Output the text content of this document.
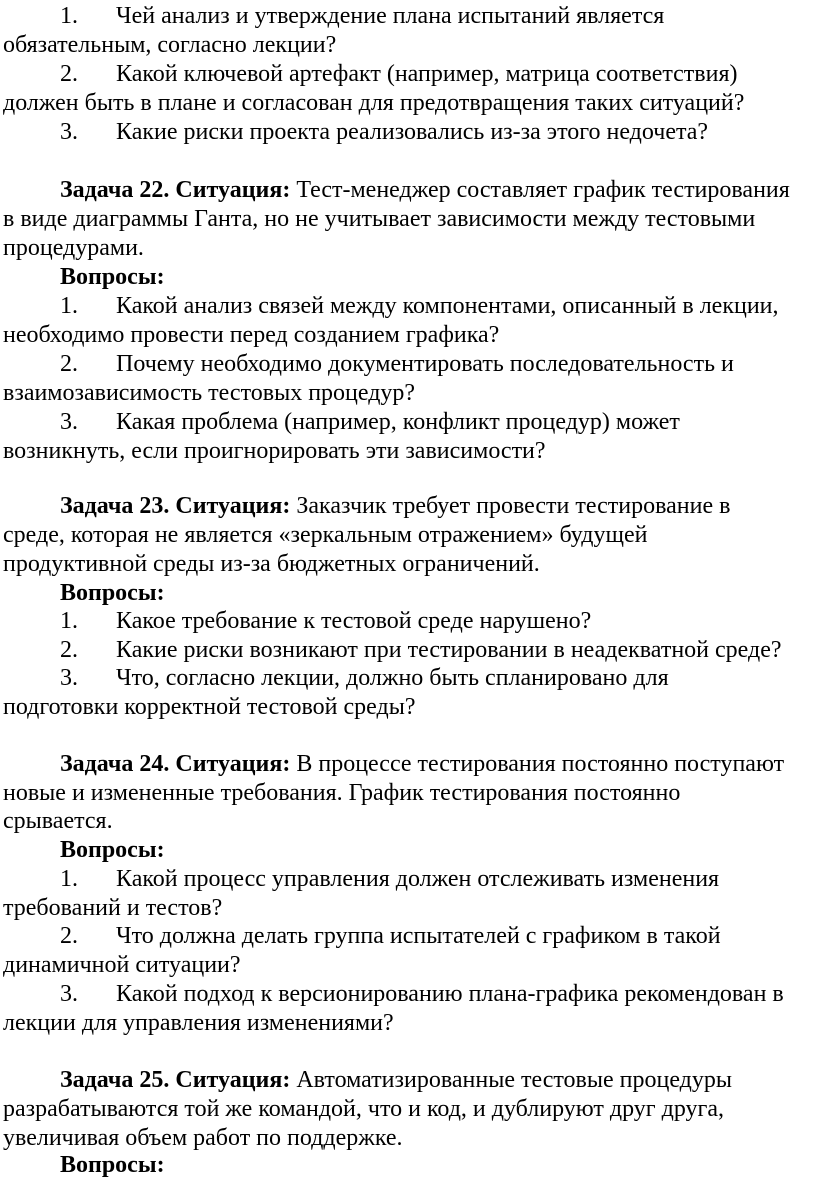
1. Чей анализ и утверждение плана испытаний является

обязательным, согласно лекции?

2. Какой ключевой артефакт (например, матрица соответствия)

должен быть в плане и согласован для предотвращения таких ситуаций?

3. Какие риски проекта реализовались из-за этого недочета?

Задача 22. Ситуация: Тест-менеджер составляет график тестирования

в виде диаграммы Ганта, но не учитывает зависимости между тестовыми

процедурами.

Вопросы:

1. Какой анализ связей между компонентами, описанный в лекции,

необходимо провести перед созданием графика?

2. Почему необходимо документировать последовательность и

взаимозависимость тестовых процедур?

3. Какая проблема (например, конфликт процедур) может

возникнуть, если проигнорировать эти зависимости?

Задача 23. Ситуация: Заказчик требует провести тестирование в

среде, которая не является «зеркальным отражением» будущей

продуктивной среды из-за бюджетных ограничений.

Вопросы:

1. Какое требование к тестовой среде нарушено?

2. Какие риски возникают при тестировании в неадекватной среде?

3. Что, согласно лекции, должно быть спланировано для

подготовки корректной тестовой среды?

Задача 24. Ситуация: В процессе тестирования постоянно поступают

новые и измененные требования. График тестирования постоянно

срывается.

Вопросы:

1. Какой процесс управления должен отслеживать изменения

требований и тестов?

2. Что должна делать группа испытателей с графиком в такой

динамичной ситуации?

3. Какой подход к версионированию плана-графика рекомендован в

лекции для управления изменениями?

Задача 25. Ситуация: Автоматизированные тестовые процедуры

разрабатываются той же командой, что и код, и дублируют друг друга,

увеличивая объем работ по поддержке.

Вопросы:
